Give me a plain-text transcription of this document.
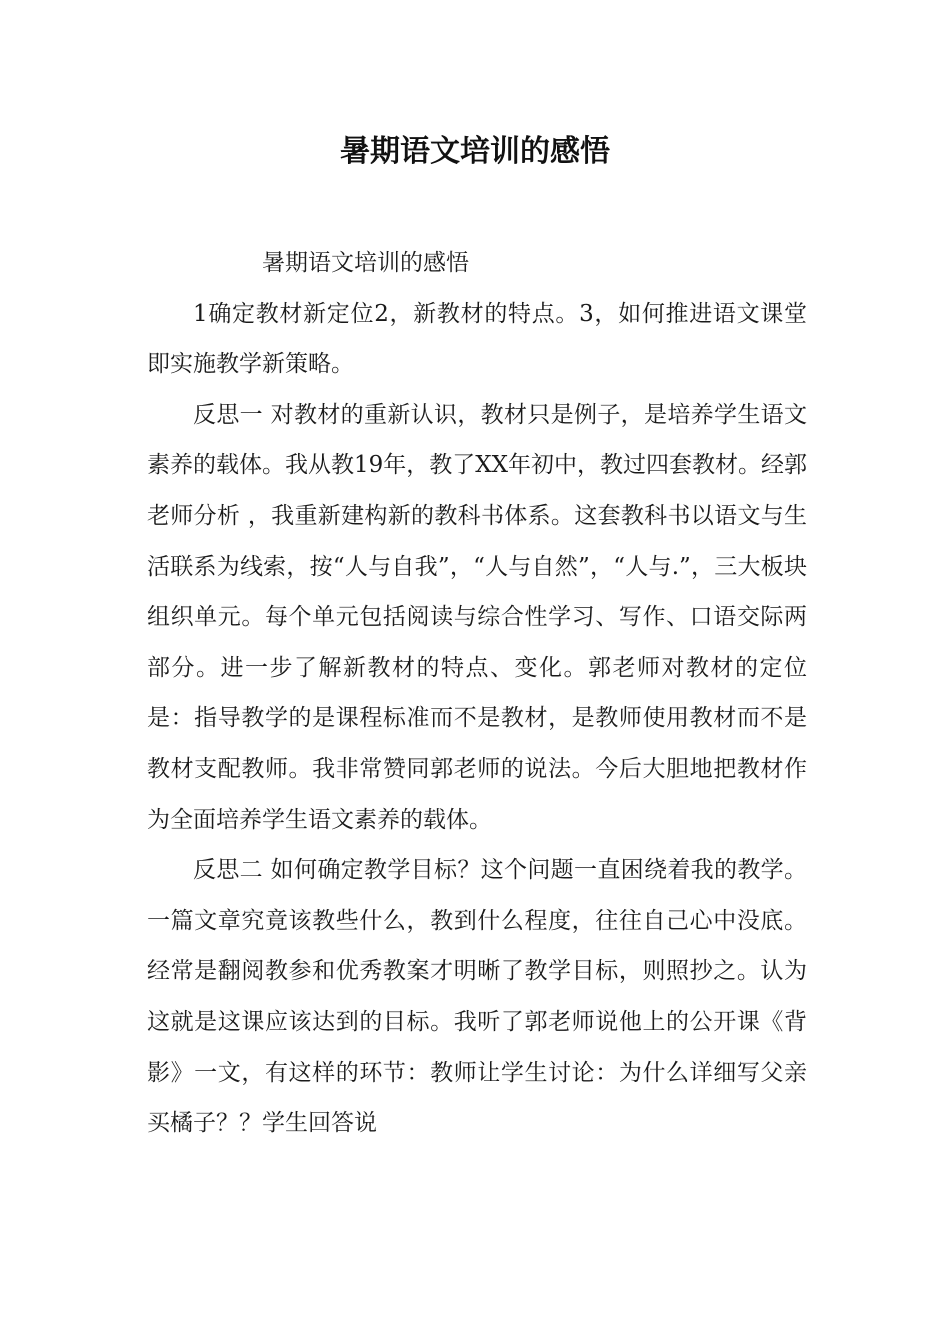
暑期语文培训的感悟

暑期语文培训的感悟

1确定教材新定位2，新教材的特点。3，如何推进语文课堂即实施教学新策略。

反思一 对教材的重新认识，教材只是例子，是培养学生语文素养的载体。我从教19年，教了XX年初中，教过四套教材。经郭老师分析 ，我重新建构新的教科书体系。这套教科书以语文与生活联系为线索，按“人与自我”，“人与自然”，“人与.”，三大板块组织单元。每个单元包括阅读与综合性学习、写作、口语交际两部分。进一步了解新教材的特点、变化。郭老师对教材的定位是：指导教学的是课程标准而不是教材，是教师使用教材而不是教材支配教师。我非常赞同郭老师的说法。今后大胆地把教材作为全面培养学生语文素养的载体。

反思二 如何确定教学目标？这个问题一直困绕着我的教学。一篇文章究竟该教些什么，教到什么程度，往往自己心中没底。经常是翻阅教参和优秀教案才明晰了教学目标，则照抄之。认为这就是这课应该达到的目标。我听了郭老师说他上的公开课《背影》一文，有这样的环节：教师让学生讨论：为什么详细写父亲买橘子？？学生回答说
